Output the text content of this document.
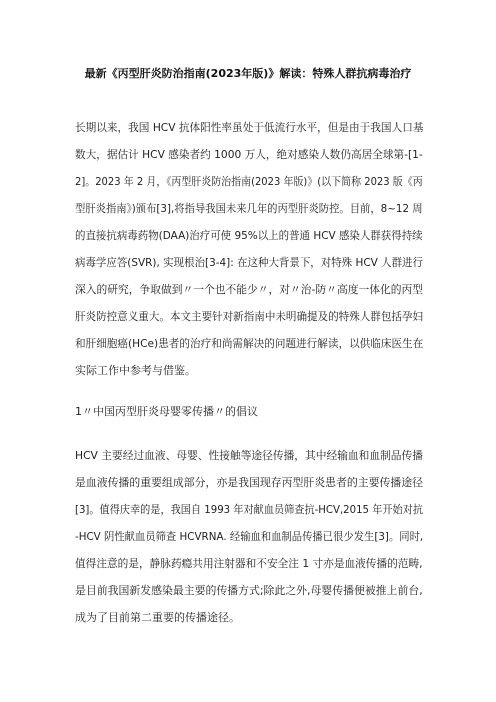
最新《丙型肝炎防治指南(2023年版)》解读：特殊人群抗病毒治疗
长期以来，我国 HCV 抗体阳性率虽处于低流行水平，但是由于我国人口基
数大，据估计 HCV 感染者约 1000 万人，绝对感染人数仍高居全球第-[1-
2]。2023 年 2 月，《丙型肝炎防治指南(2023 年版)》(以下简称 2023 版《丙
型肝炎指南》)颁布[3],将指导我国未来几年的丙型肝炎防控。目前，8~12 周
的直接抗病毒药物(DAA)治疗可使 95%以上的普通 HCV 感染人群获得持续
病毒学应答(SVR), 实现根治[3-4]: 在这种大背景下，对特殊 HCV 人群进行
深入的研究，争取做到〃一个也不能少〃，对〃治-防〃高度一体化的丙型
肝炎防控意义重大。本文主要针对新指南中未明确提及的特殊人群包括孕妇
和肝细胞癌(HCe)患者的治疗和尚需解决的问题进行解读，以供临床医生在
实际工作中参考与借鉴。
1〃中国丙型肝炎母婴零传播〃的倡议
HCV 主要经过血液、母婴、性接触等途径传播，其中经输血和血制品传播
是血液传播的重要组成部分，亦是我国现存丙型肝炎患者的主要传播途径
[3]。值得庆幸的是，我国自 1993 年对献血员筛查抗-HCV,2015 年开始对抗
-HCV 阴性献血员筛查 HCVRNA. 经输血和血制品传播已很少发生[3]。同时,
值得注意的是，静脉药瘾共用注射器和不安全注 1 寸亦是血液传播的范畴,
是目前我国新发感染最主要的传播方式;除此之外,母婴传播便被推上前台,
成为了目前第二重要的传播途径。
